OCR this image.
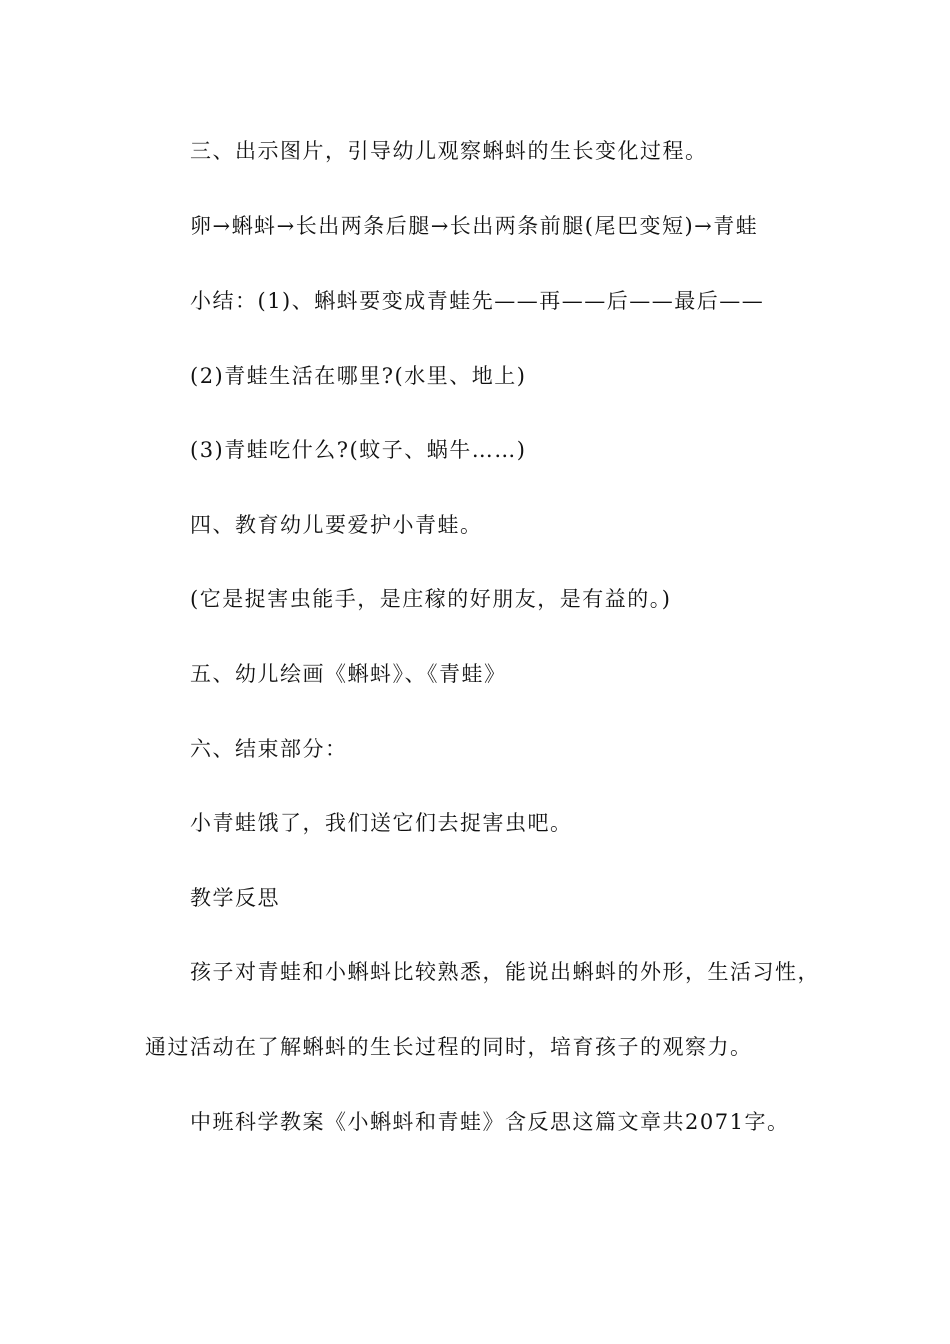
三、出示图片，引导幼儿观察蝌蚪的生长变化过程。
卵→蝌蚪→长出两条后腿→长出两条前腿(尾巴变短)→青蛙
小结：(1)、蝌蚪要变成青蛙先——再——后——最后——
(2)青蛙生活在哪里?(水里、地上)
(3)青蛙吃什么?(蚊子、蜗牛……)
四、教育幼儿要爱护小青蛙。
(它是捉害虫能手，是庄稼的好朋友，是有益的。)
五、幼儿绘画《蝌蚪》、《青蛙》
六、结束部分：
小青蛙饿了，我们送它们去捉害虫吧。
教学反思
孩子对青蛙和小蝌蚪比较熟悉，能说出蝌蚪的外形，生活习性，
通过活动在了解蝌蚪的生长过程的同时，培育孩子的观察力。
中班科学教案《小蝌蚪和青蛙》含反思这篇文章共2071字。
